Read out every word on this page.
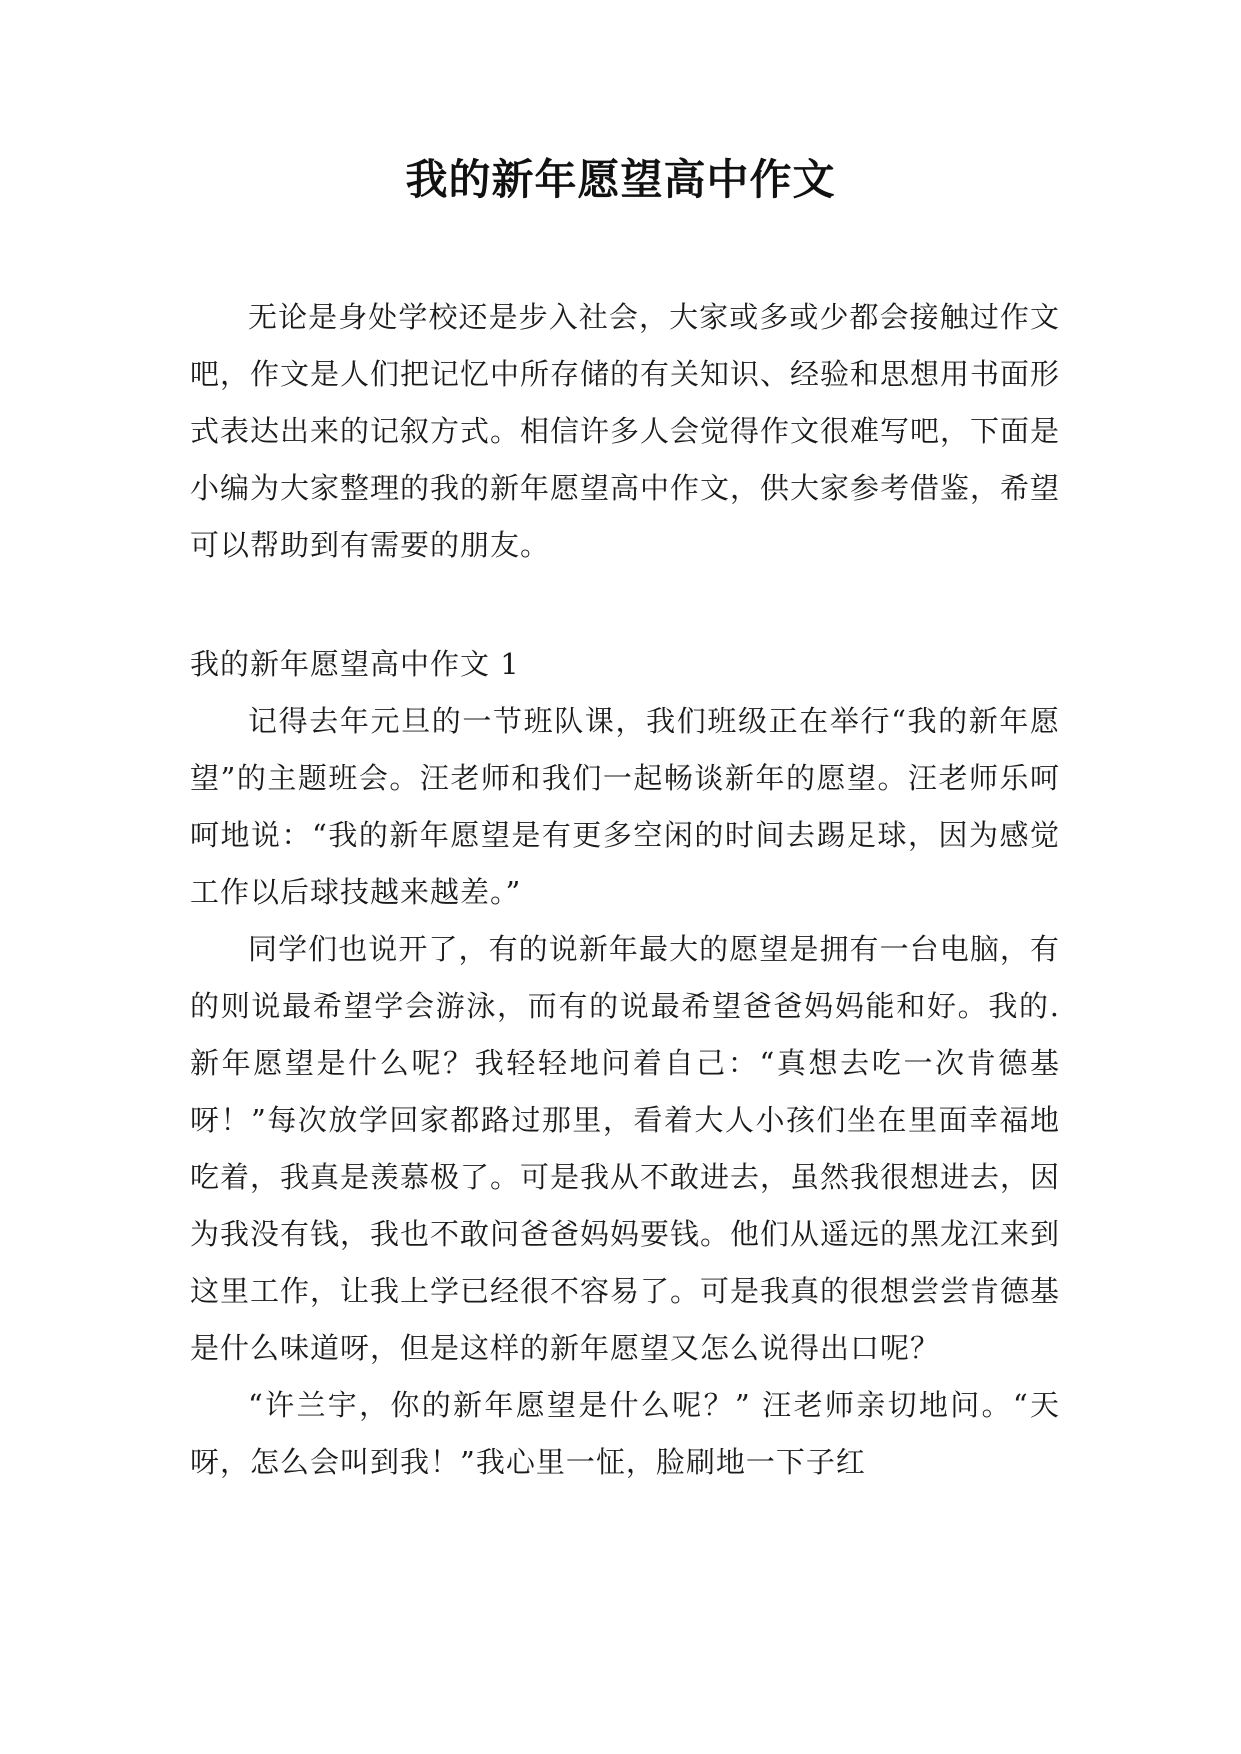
我的新年愿望高中作文

无论是身处学校还是步入社会，大家或多或少都会接触过作文吧，作文是人们把记忆中所存储的有关知识、经验和思想用书面形式表达出来的记叙方式。相信许多人会觉得作文很难写吧，下面是小编为大家整理的我的新年愿望高中作文，供大家参考借鉴，希望可以帮助到有需要的朋友。

我的新年愿望高中作文 1

记得去年元旦的一节班队课，我们班级正在举行“我的新年愿望”的主题班会。汪老师和我们一起畅谈新年的愿望。汪老师乐呵呵地说：“我的新年愿望是有更多空闲的时间去踢足球，因为感觉工作以后球技越来越差。”

同学们也说开了，有的说新年最大的愿望是拥有一台电脑，有的则说最希望学会游泳，而有的说最希望爸爸妈妈能和好。我的.新年愿望是什么呢？我轻轻地问着自己：“真想去吃一次肯德基呀！”每次放学回家都路过那里，看着大人小孩们坐在里面幸福地吃着，我真是羡慕极了。可是我从不敢进去，虽然我很想进去，因为我没有钱，我也不敢问爸爸妈妈要钱。他们从遥远的黑龙江来到这里工作，让我上学已经很不容易了。可是我真的很想尝尝肯德基是什么味道呀，但是这样的新年愿望又怎么说得出口呢？

“许兰宇，你的新年愿望是什么呢？” 汪老师亲切地问。“天呀，怎么会叫到我！”我心里一怔，脸刷地一下子红
